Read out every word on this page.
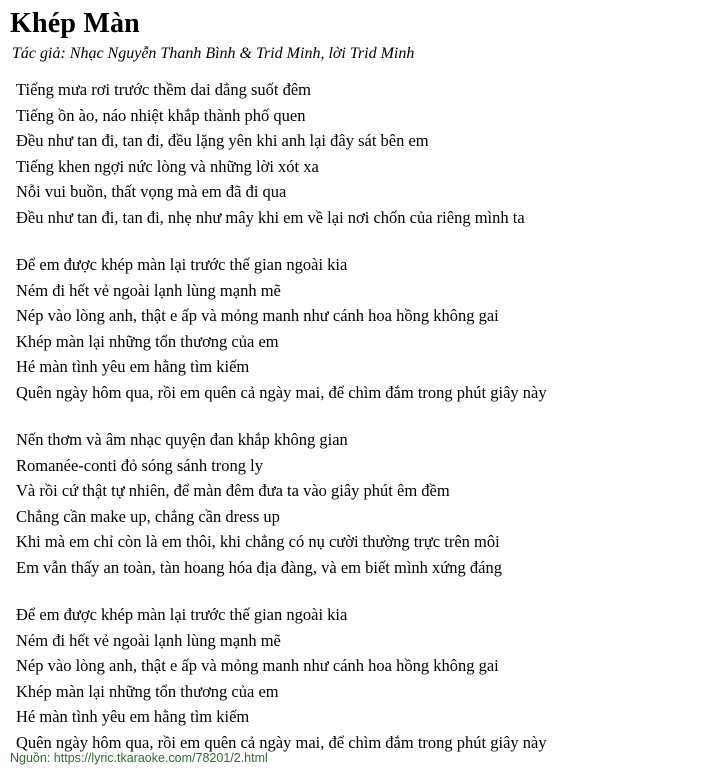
Khép Màn
Tác giả: Nhạc Nguyễn Thanh Bình & Trid Minh, lời Trid Minh
Tiếng mưa rơi trước thềm dai dẳng suốt đêm
Tiếng ồn ào, náo nhiệt khắp thành phố quen
Đều như tan đi, tan đi, đều lặng yên khi anh lại đây sát bên em
Tiếng khen ngợi nức lòng và những lời xót xa
Nỗi vui buồn, thất vọng mà em đã đi qua
Đều như tan đi, tan đi, nhẹ như mây khi em về lại nơi chốn của riêng mình ta
Để em được khép màn lại trước thế gian ngoài kia
Ném đi hết vẻ ngoài lạnh lùng mạnh mẽ
Nép vào lòng anh, thật e ấp và mỏng manh như cánh hoa hồng không gai
Khép màn lại những tổn thương của em
Hé màn tình yêu em hằng tìm kiếm
Quên ngày hôm qua, rồi em quên cả ngày mai, để chìm đắm trong phút giây này
Nến thơm và âm nhạc quyện đan khắp không gian
Romanée-conti đỏ sóng sánh trong ly
Và rồi cứ thật tự nhiên, để màn đêm đưa ta vào giây phút êm đềm
Chẳng cần make up, chẳng cần dress up
Khi mà em chỉ còn là em thôi, khi chẳng có nụ cười thường trực trên môi
Em vẫn thấy an toàn, tàn hoang hóa địa đàng, và em biết mình xứng đáng
Để em được khép màn lại trước thế gian ngoài kia
Ném đi hết vẻ ngoài lạnh lùng mạnh mẽ
Nép vào lòng anh, thật e ấp và mỏng manh như cánh hoa hồng không gai
Khép màn lại những tổn thương của em
Hé màn tình yêu em hằng tìm kiếm
Quên ngày hôm qua, rồi em quên cả ngày mai, để chìm đắm trong phút giây này
Nguồn: https://lyric.tkaraoke.com/78201/2.html
